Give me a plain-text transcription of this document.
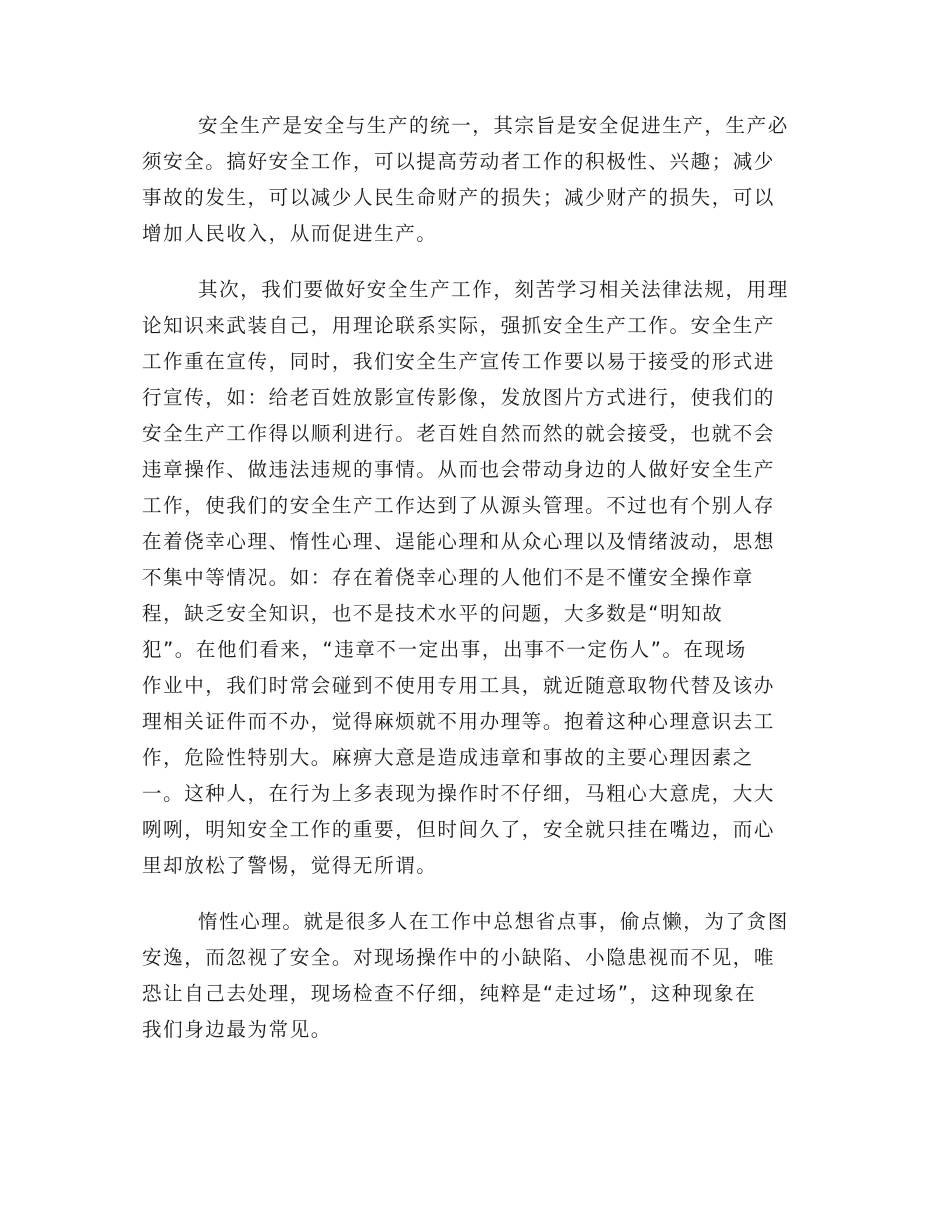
安全生产是安全与生产的统一，其宗旨是安全促进生产，生产必
须安全。搞好安全工作，可以提高劳动者工作的积极性、兴趣；减少
事故的发生，可以减少人民生命财产的损失；减少财产的损失，可以
增加人民收入，从而促进生产。
其次，我们要做好安全生产工作，刻苦学习相关法律法规，用理
论知识来武装自己，用理论联系实际，强抓安全生产工作。安全生产
工作重在宣传，同时，我们安全生产宣传工作要以易于接受的形式进
行宣传，如：给老百姓放影宣传影像，发放图片方式进行，使我们的
安全生产工作得以顺利进行。老百姓自然而然的就会接受，也就不会
违章操作、做违法违规的事情。从而也会带动身边的人做好安全生产
工作，使我们的安全生产工作达到了从源头管理。不过也有个别人存
在着侥幸心理、惰性心理、逞能心理和从众心理以及情绪波动，思想
不集中等情况。如：存在着侥幸心理的人他们不是不懂安全操作章
程，缺乏安全知识，也不是技术水平的问题，大多数是“明知故
犯”。在他们看来，“违章不一定出事，出事不一定伤人”。在现场
作业中，我们时常会碰到不使用专用工具，就近随意取物代替及该办
理相关证件而不办，觉得麻烦就不用办理等。抱着这种心理意识去工
作，危险性特别大。麻痹大意是造成违章和事故的主要心理因素之
一。这种人，在行为上多表现为操作时不仔细，马粗心大意虎，大大
咧咧，明知安全工作的重要，但时间久了，安全就只挂在嘴边，而心
里却放松了警惕，觉得无所谓。
惰性心理。就是很多人在工作中总想省点事，偷点懒，为了贪图
安逸，而忽视了安全。对现场操作中的小缺陷、小隐患视而不见，唯
恐让自己去处理，现场检查不仔细，纯粹是“走过场”，这种现象在
我们身边最为常见。
